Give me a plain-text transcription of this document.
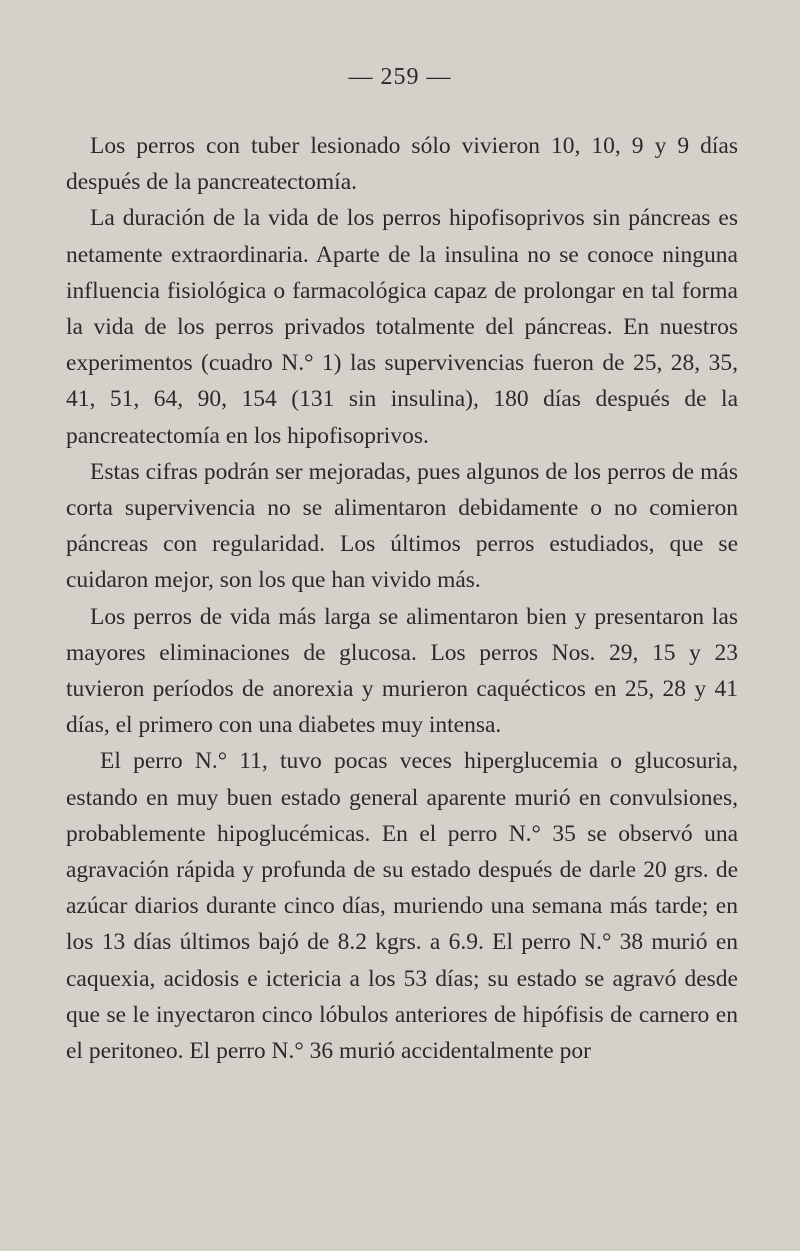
— 259 —

Los perros con tuber lesionado sólo vivieron 10, 10, 9 y 9 días después de la pancreatectomía.

La duración de la vida de los perros hipofisoprivos sin páncreas es netamente extraordinaria. Aparte de la insulina no se conoce ninguna influencia fisiológica o farmacológica capaz de prolongar en tal forma la vida de los perros privados totalmente del páncreas. En nuestros experimentos (cuadro N.° 1) las supervivencias fueron de 25, 28, 35, 41, 51, 64, 90, 154 (131 sin insulina), 180 días después de la pancreatectomía en los hipofisoprivos.

Estas cifras podrán ser mejoradas, pues algunos de los perros de más corta supervivencia no se alimentaron debidamente o no comieron páncreas con regularidad. Los últimos perros estudiados, que se cuidaron mejor, son los que han vivido más.

Los perros de vida más larga se alimentaron bien y presentaron las mayores eliminaciones de glucosa. Los perros Nos. 29, 15 y 23 tuvieron períodos de anorexia y murieron caquécticos en 25, 28 y 41 días, el primero con una diabetes muy intensa.

El perro N.° 11, tuvo pocas veces hiperglucemia o glucosuria, estando en muy buen estado general aparente murió en convulsiones, probablemente hipoglucémicas. En el perro N.° 35 se observó una agravación rápida y profunda de su estado después de darle 20 grs. de azúcar diarios durante cinco días, muriendo una semana más tarde; en los 13 días últimos bajó de 8.2 kgrs. a 6.9. El perro N.° 38 murió en caquexia, acidosis e ictericia a los 53 días; su estado se agravó desde que se le inyectaron cinco lóbulos anteriores de hipófisis de carnero en el peritoneo. El perro N.° 36 murió accidentalmente por
